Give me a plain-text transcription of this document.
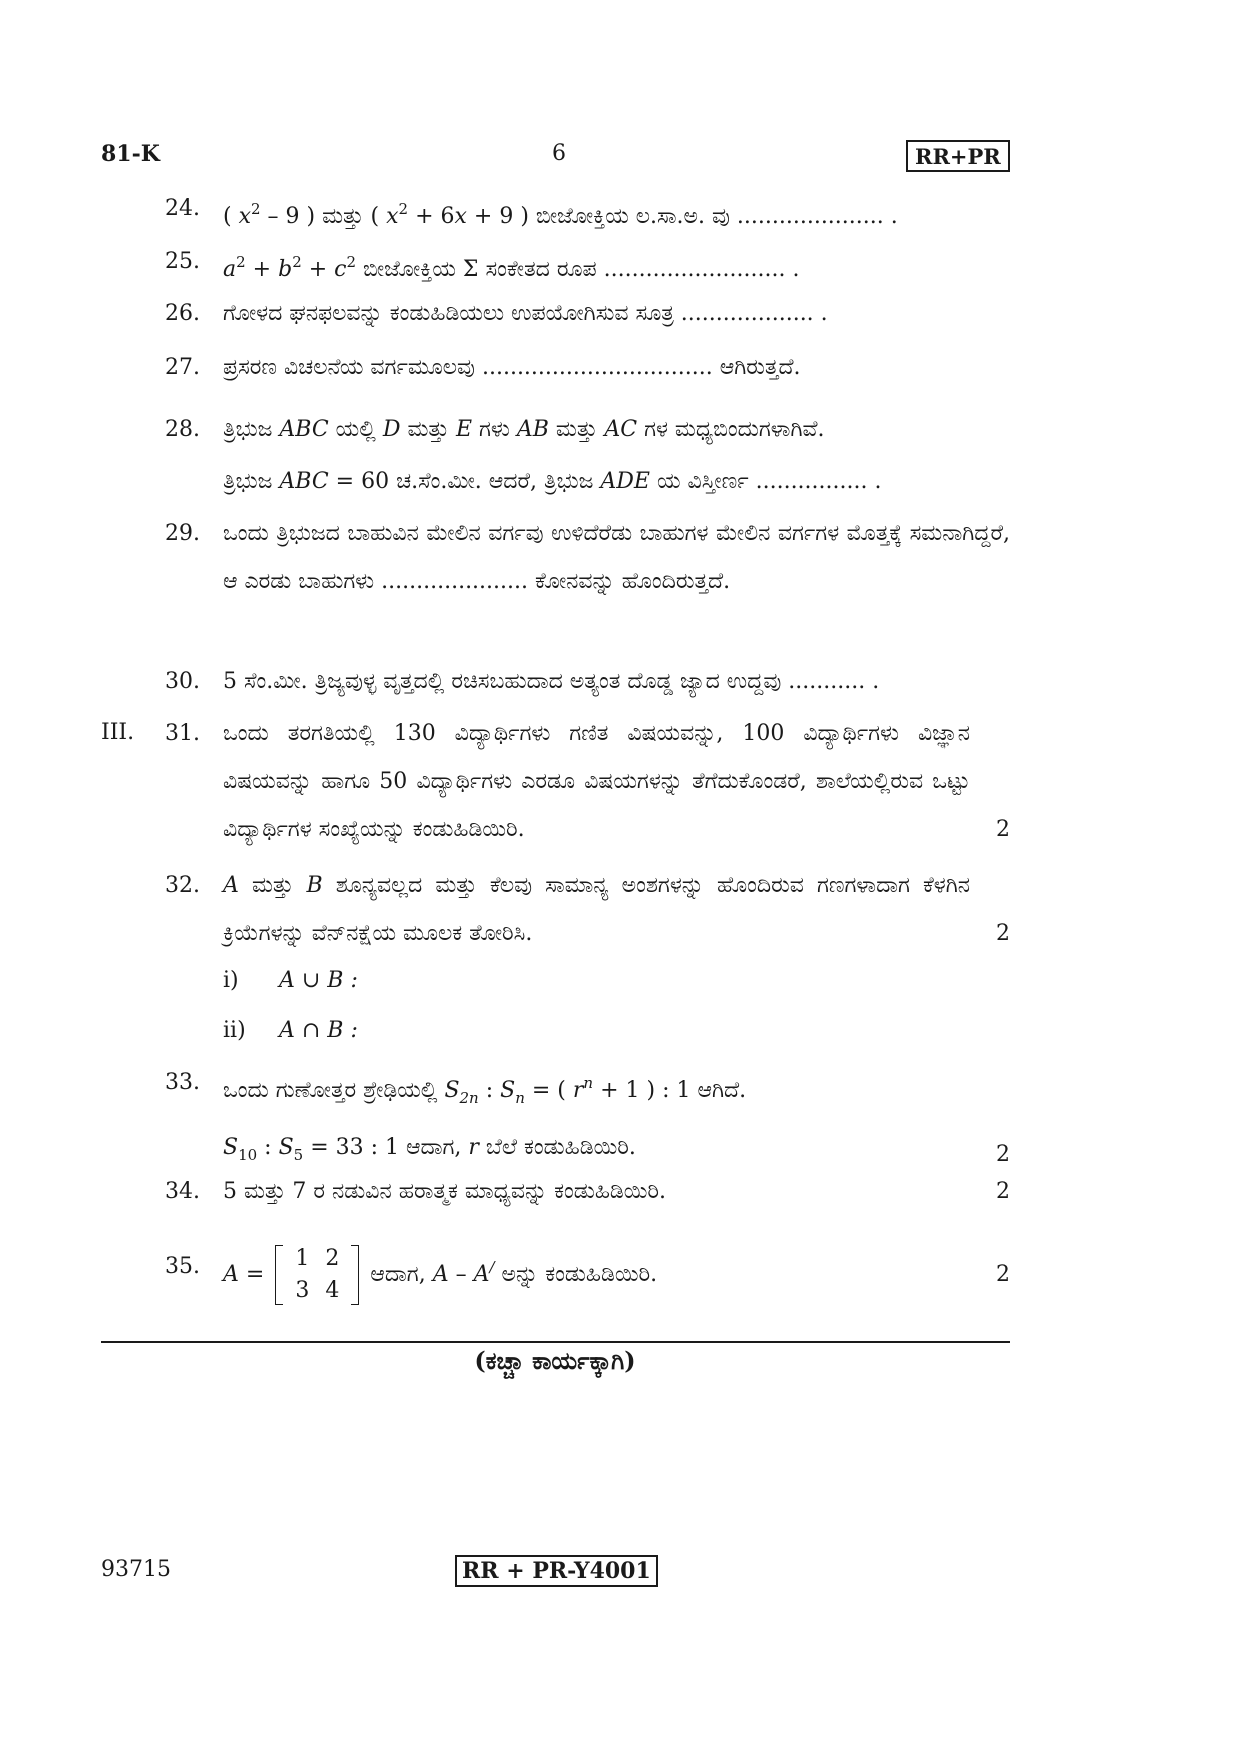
81-K	6	RR+PR
24.	( $x^2 - 9$ ) ಮತ್ತು ( $x^2 + 6x + 9$ ) ಬೀಜೋಕ್ತಿಯ ಲ.ಸಾ.ಅ. ವು ..................... .
25.	$a^2 + b^2 + c^2$ ಬೀಜೋಕ್ತಿಯ Σ ಸಂಕೇತದ ರೂಪ .......................... .
26.	ಗೋಳದ ಘನಫಲವನ್ನು ಕಂಡುಹಿಡಿಯಲು ಉಪಯೋಗಿಸುವ ಸೂತ್ರ ................... .
27.	ಪ್ರಸರಣ ವಿಚಲನೆಯ ವರ್ಗಮೂಲವು ................................. ಆಗಿರುತ್ತದೆ.
28.	ತ್ರಿಭುಜ ABC ಯಲ್ಲಿ D ಮತ್ತು E ಗಳು AB ಮತ್ತು AC ಗಳ ಮಧ್ಯಬಿಂದುಗಳಾಗಿವೆ.
ತ್ರಿಭುಜ ABC = 60 ಚ.ಸೆಂ.ಮೀ. ಆದರೆ, ತ್ರಿಭುಜ ADE ಯ ವಿಸ್ತೀರ್ಣ ................ .
29.	ಒಂದು ತ್ರಿಭುಜದ ಬಾಹುವಿನ ಮೇಲಿನ ವರ್ಗವು ಉಳಿದೆರೆಡು ಬಾಹುಗಳ ಮೇಲಿನ ವರ್ಗಗಳ ಮೊತ್ತಕ್ಕೆ ಸಮನಾಗಿದ್ದರೆ, ಆ ಎರಡು ಬಾಹುಗಳು ..................... ಕೋನವನ್ನು ಹೊಂದಿರುತ್ತದೆ.
30.	5 ಸೆಂ.ಮೀ. ತ್ರಿಜ್ಯವುಳ್ಳ ವೃತ್ತದಲ್ಲಿ ರಚಿಸಬಹುದಾದ ಅತ್ಯಂತ ದೊಡ್ಡ ಜ್ಯಾದ ಉದ್ದವು ........... .
III. 31.	ಒಂದು ತರಗತಿಯಲ್ಲಿ 130 ವಿದ್ಯಾರ್ಥಿಗಳು ಗಣಿತ ವಿಷಯವನ್ನು, 100 ವಿದ್ಯಾರ್ಥಿಗಳು ವಿಜ್ಞಾನ ವಿಷಯವನ್ನು ಹಾಗೂ 50 ವಿದ್ಯಾರ್ಥಿಗಳು ಎರಡೂ ವಿಷಯಗಳನ್ನು ತೆಗೆದುಕೊಂಡರೆ, ಶಾಲೆಯಲ್ಲಿರುವ ಒಟ್ಟು ವಿದ್ಯಾರ್ಥಿಗಳ ಸಂಖ್ಯೆಯನ್ನು ಕಂಡುಹಿಡಿಯಿರಿ.	2
32.	A ಮತ್ತು B ಶೂನ್ಯವಲ್ಲದ ಮತ್ತು ಕೆಲವು ಸಾಮಾನ್ಯ ಅಂಶಗಳನ್ನು ಹೊಂದಿರುವ ಗಣಗಳಾದಾಗ ಕೆಳಗಿನ ಕ್ರಿಯೆಗಳನ್ನು ವೆನ್‌ನಕ್ಷೆಯ ಮೂಲಕ ತೋರಿಸಿ.	2
i) A ∪ B :
ii) A ∩ B :
33.	ಒಂದು ಗುಣೋತ್ತರ ಶ್ರೇಢಿಯಲ್ಲಿ $S_{2n}$ : $S_n$ = ( $r^n + 1$ ) : 1 ಆಗಿದೆ.
$S_{10}$ : $S_5 = 33$ : 1 ಆದಾಗ, r ಬೆಲೆ ಕಂಡುಹಿಡಿಯಿರಿ.	2
34.	5 ಮತ್ತು 7 ರ ನಡುವಿನ ಹರಾತ್ಮಕ ಮಾಧ್ಯವನ್ನು ಕಂಡುಹಿಡಿಯಿರಿ.	2
35.	A =
1	2
3	4
ಆದಾಗ, A – A/ ಅನ್ನು ಕಂಡುಹಿಡಿಯಿರಿ.	2
(ಕಚ್ಚಾ ಕಾರ್ಯಕ್ಕಾಗಿ)
93715	RR + PR-Y4001
